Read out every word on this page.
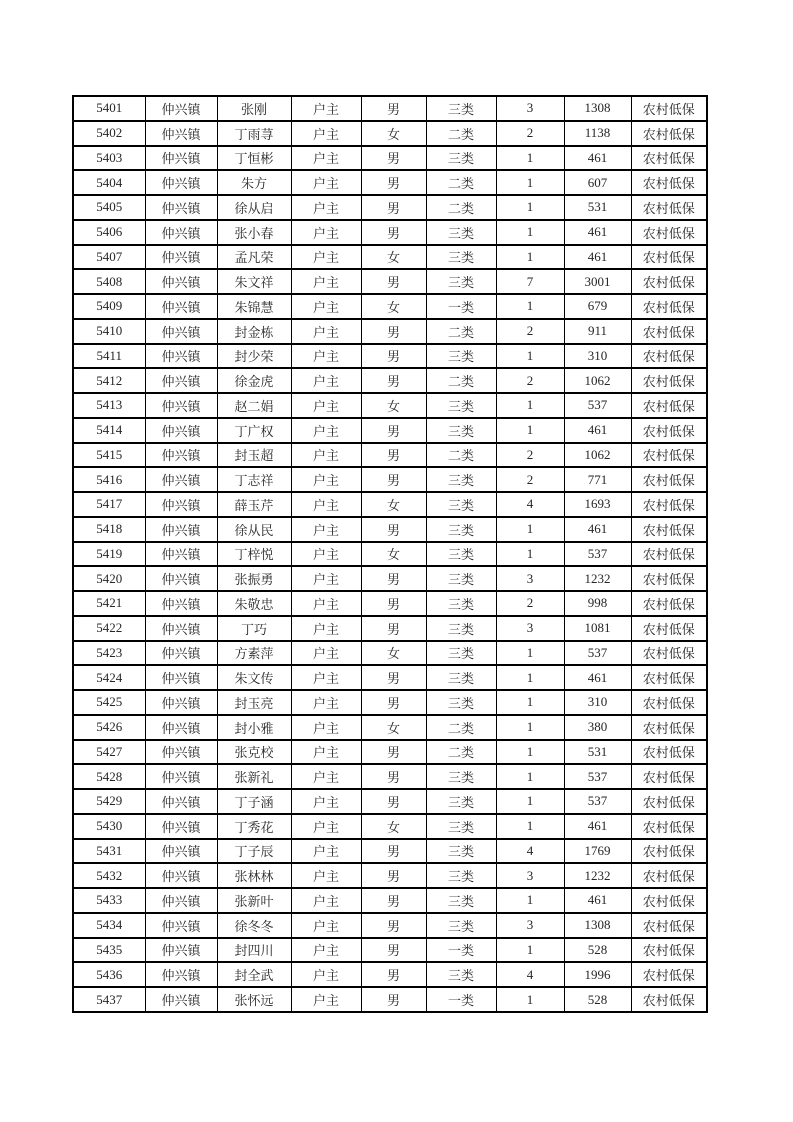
5401	仲兴镇	张刚	户主	男	三类	3	1308	农村低保
5402	仲兴镇	丁雨荨	户主	女	二类	2	1138	农村低保
5403	仲兴镇	丁恒彬	户主	男	三类	1	461	农村低保
5404	仲兴镇	朱方	户主	男	二类	1	607	农村低保
5405	仲兴镇	徐从启	户主	男	二类	1	531	农村低保
5406	仲兴镇	张小春	户主	男	三类	1	461	农村低保
5407	仲兴镇	孟凡荣	户主	女	三类	1	461	农村低保
5408	仲兴镇	朱文祥	户主	男	三类	7	3001	农村低保
5409	仲兴镇	朱锦慧	户主	女	一类	1	679	农村低保
5410	仲兴镇	封金栋	户主	男	二类	2	911	农村低保
5411	仲兴镇	封少荣	户主	男	三类	1	310	农村低保
5412	仲兴镇	徐金虎	户主	男	二类	2	1062	农村低保
5413	仲兴镇	赵二娟	户主	女	三类	1	537	农村低保
5414	仲兴镇	丁广权	户主	男	三类	1	461	农村低保
5415	仲兴镇	封玉超	户主	男	二类	2	1062	农村低保
5416	仲兴镇	丁志祥	户主	男	三类	2	771	农村低保
5417	仲兴镇	薛玉芹	户主	女	三类	4	1693	农村低保
5418	仲兴镇	徐从民	户主	男	三类	1	461	农村低保
5419	仲兴镇	丁梓悦	户主	女	三类	1	537	农村低保
5420	仲兴镇	张振勇	户主	男	三类	3	1232	农村低保
5421	仲兴镇	朱敬忠	户主	男	三类	2	998	农村低保
5422	仲兴镇	丁巧	户主	男	三类	3	1081	农村低保
5423	仲兴镇	方素萍	户主	女	三类	1	537	农村低保
5424	仲兴镇	朱文传	户主	男	三类	1	461	农村低保
5425	仲兴镇	封玉亮	户主	男	三类	1	310	农村低保
5426	仲兴镇	封小雅	户主	女	二类	1	380	农村低保
5427	仲兴镇	张克校	户主	男	二类	1	531	农村低保
5428	仲兴镇	张新礼	户主	男	三类	1	537	农村低保
5429	仲兴镇	丁子涵	户主	男	三类	1	537	农村低保
5430	仲兴镇	丁秀花	户主	女	三类	1	461	农村低保
5431	仲兴镇	丁子辰	户主	男	三类	4	1769	农村低保
5432	仲兴镇	张林林	户主	男	三类	3	1232	农村低保
5433	仲兴镇	张新叶	户主	男	三类	1	461	农村低保
5434	仲兴镇	徐冬冬	户主	男	三类	3	1308	农村低保
5435	仲兴镇	封四川	户主	男	一类	1	528	农村低保
5436	仲兴镇	封全武	户主	男	三类	4	1996	农村低保
5437	仲兴镇	张怀远	户主	男	一类	1	528	农村低保
